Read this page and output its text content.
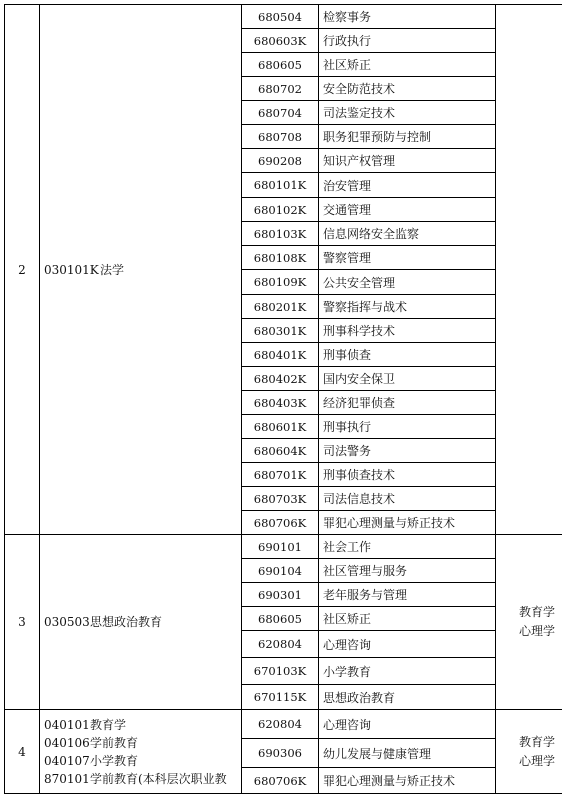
2	030101K法学	680504	检察事务	
		680603K	行政执行	
		680605	社区矫正	
		680702	安全防范技术	
		680704	司法鉴定技术	
		680708	职务犯罪预防与控制	
		690208	知识产权管理	
		680101K	治安管理	
		680102K	交通管理	
		680103K	信息网络安全监察	
		680108K	警察管理	
		680109K	公共安全管理	
		680201K	警察指挥与战术	
		680301K	刑事科学技术	
		680401K	刑事侦查	
		680402K	国内安全保卫	
		680403K	经济犯罪侦查	
		680601K	刑事执行	
		680604K	司法警务	
		680701K	刑事侦查技术	
		680703K	司法信息技术	
		680706K	罪犯心理测量与矫正技术	
3	030503思想政治教育	690101	社会工作	教育学
心理学

		690104	社区管理与服务	
		690301	老年服务与管理	
		680605	社区矫正	
		620804	心理咨询	
		670103K	小学教育	
		670115K	思想政治教育	
4	040101教育学
040106学前教育
040107小学教育
870101学前教育(本科层次职业教	620804	心理咨询	教育学
心理学

		690306	幼儿发展与健康管理	
		680706K	罪犯心理测量与矫正技术	
